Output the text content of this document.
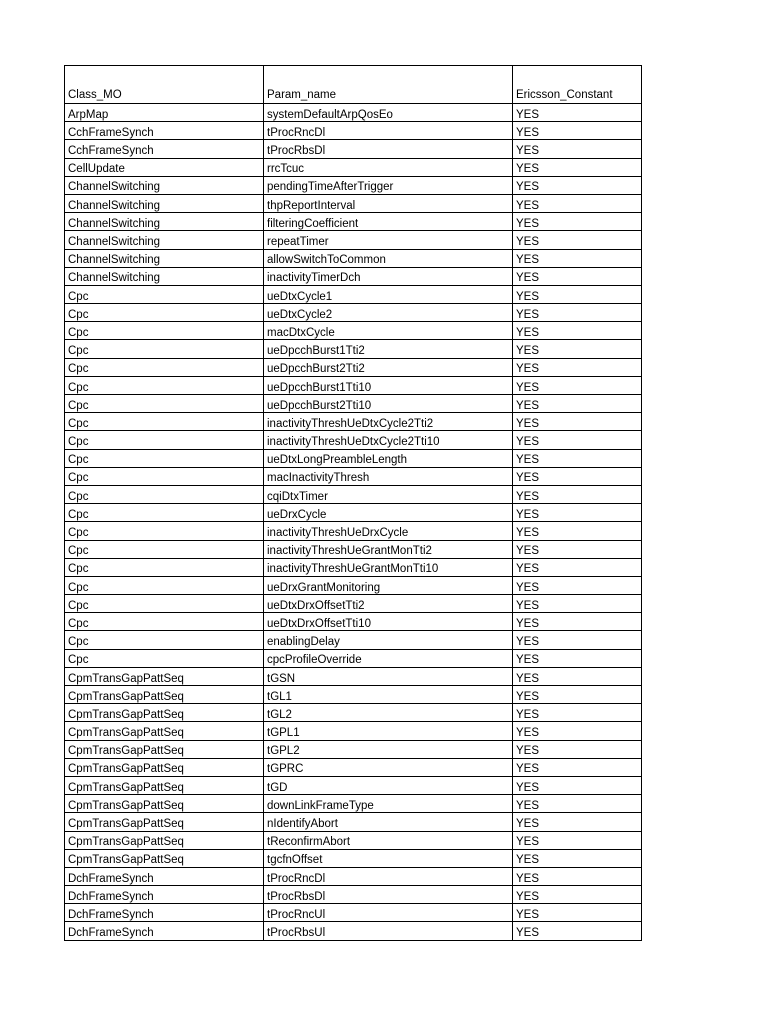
Class_MO	Param_name	Ericsson_Constant
ArpMap	systemDefaultArpQosEo	YES
CchFrameSynch	tProcRncDl	YES
CchFrameSynch	tProcRbsDl	YES
CellUpdate	rrcTcuc	YES
ChannelSwitching	pendingTimeAfterTrigger	YES
ChannelSwitching	thpReportInterval	YES
ChannelSwitching	filteringCoefficient	YES
ChannelSwitching	repeatTimer	YES
ChannelSwitching	allowSwitchToCommon	YES
ChannelSwitching	inactivityTimerDch	YES
Cpc	ueDtxCycle1	YES
Cpc	ueDtxCycle2	YES
Cpc	macDtxCycle	YES
Cpc	ueDpcchBurst1Tti2	YES
Cpc	ueDpcchBurst2Tti2	YES
Cpc	ueDpcchBurst1Tti10	YES
Cpc	ueDpcchBurst2Tti10	YES
Cpc	inactivityThreshUeDtxCycle2Tti2	YES
Cpc	inactivityThreshUeDtxCycle2Tti10	YES
Cpc	ueDtxLongPreambleLength	YES
Cpc	macInactivityThresh	YES
Cpc	cqiDtxTimer	YES
Cpc	ueDrxCycle	YES
Cpc	inactivityThreshUeDrxCycle	YES
Cpc	inactivityThreshUeGrantMonTti2	YES
Cpc	inactivityThreshUeGrantMonTti10	YES
Cpc	ueDrxGrantMonitoring	YES
Cpc	ueDtxDrxOffsetTti2	YES
Cpc	ueDtxDrxOffsetTti10	YES
Cpc	enablingDelay	YES
Cpc	cpcProfileOverride	YES
CpmTransGapPattSeq	tGSN	YES
CpmTransGapPattSeq	tGL1	YES
CpmTransGapPattSeq	tGL2	YES
CpmTransGapPattSeq	tGPL1	YES
CpmTransGapPattSeq	tGPL2	YES
CpmTransGapPattSeq	tGPRC	YES
CpmTransGapPattSeq	tGD	YES
CpmTransGapPattSeq	downLinkFrameType	YES
CpmTransGapPattSeq	nIdentifyAbort	YES
CpmTransGapPattSeq	tReconfirmAbort	YES
CpmTransGapPattSeq	tgcfnOffset	YES
DchFrameSynch	tProcRncDl	YES
DchFrameSynch	tProcRbsDl	YES
DchFrameSynch	tProcRncUl	YES
DchFrameSynch	tProcRbsUl	YES
